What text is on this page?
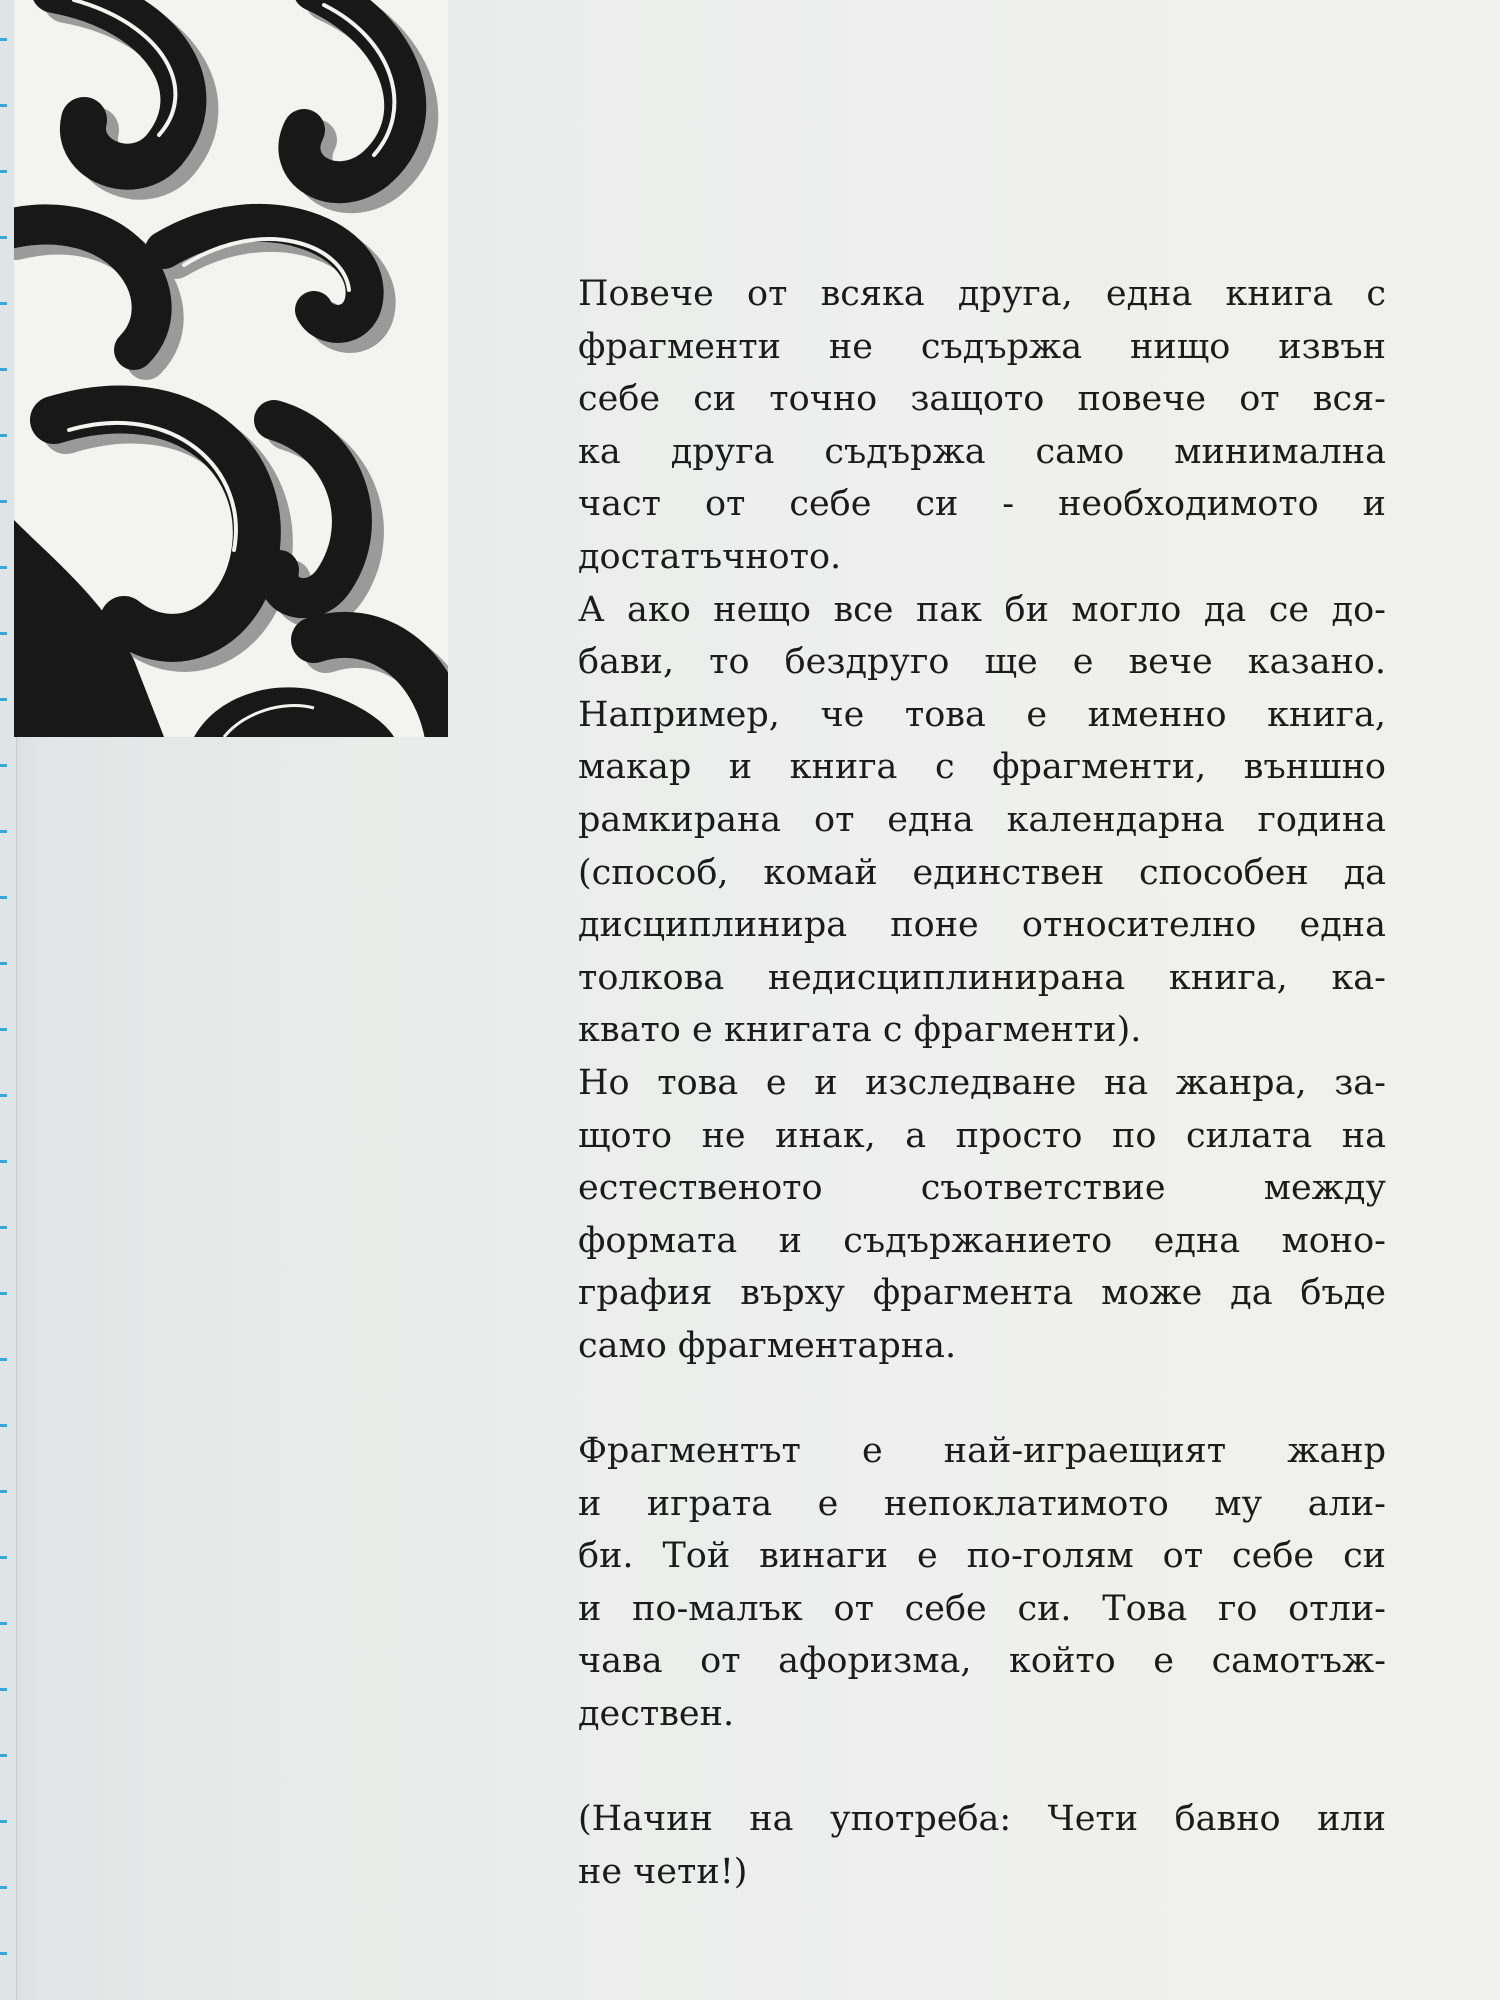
Повече от всяка друга, една книга с
фрагменти не съдържа нищо извън
себе си точно защото повече от вся-
ка друга съдържа само минимална
част от себе си - необходимото и
достатъчното.
А ако нещо все пак би могло да се до-
бави, то бездруго ще е вече казано.
Например, че това е именно книга,
макар и книга с фрагменти, външно
рамкирана от една календарна година
(способ, комай единствен способен да
дисциплинира поне относително една
толкова недисциплинирана книга, ка-
квато е книгата с фрагменти).
Но това е и изследване на жанра, за-
щото не инак, а просто по силата на
естественото съответствие между
формата и съдържанието една моно-
графия върху фрагмента може да бъде
само фрагментарна.
Фрагментът е най-играещият жанр
и играта е непоклатимото му али-
би. Той винаги е по-голям от себе си
и по-малък от себе си. Това го отли-
чава от афоризма, който е самотъж-
дествен.
(Начин на употреба: Чети бавно или
не чети!)
